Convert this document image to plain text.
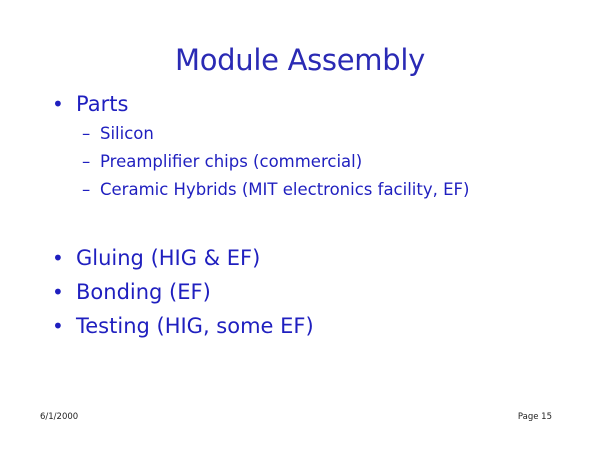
Module Assembly
• Parts
– Silicon
– Preamplifier chips (commercial)
– Ceramic Hybrids (MIT electronics facility, EF)
• Gluing (HIG & EF)
• Bonding (EF)
• Testing (HIG, some EF)
6/1/2000	Page 15
